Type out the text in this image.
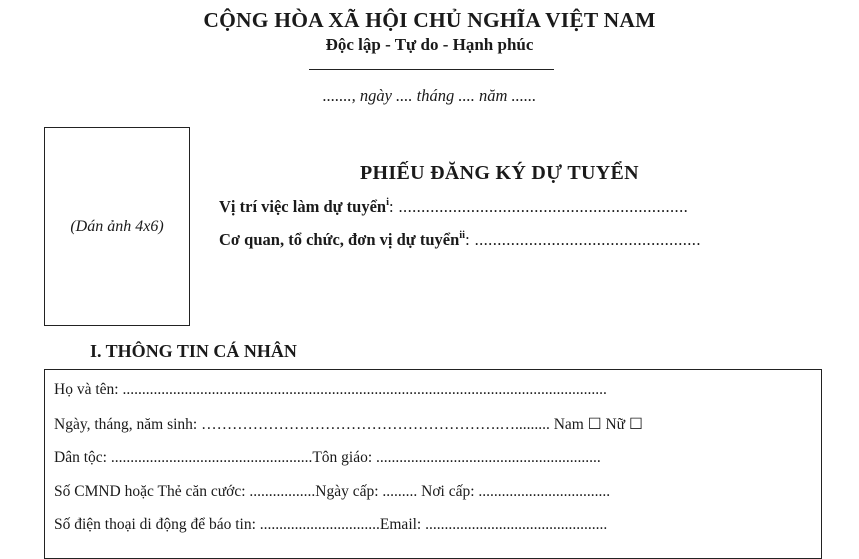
CỘNG HÒA XÃ HỘI CHỦ NGHĨA VIỆT NAM
Độc lập - Tự do - Hạnh phúc
......., ngày .... tháng .... năm ......
(Dán ảnh 4x6)
PHIẾU ĐĂNG KÝ DỰ TUYỂN
Vị trí việc làm dự tuyển$^i$: ................................................................
Cơ quan, tổ chức, đơn vị dự tuyển$^{ii}$: ..................................................
I. THÔNG TIN CÁ NHÂN
Họ và tên: .............................................................................................................................
Ngày, tháng, năm sinh: ………………………………………………….…......... Nam ☐ Nữ ☐
Dân tộc: ....................................................Tôn giáo: ..........................................................
Số CMND hoặc Thẻ căn cước: .................Ngày cấp: ......... Nơi cấp: ..................................
Số điện thoại di động để báo tin: ...............................Email: ...............................................
